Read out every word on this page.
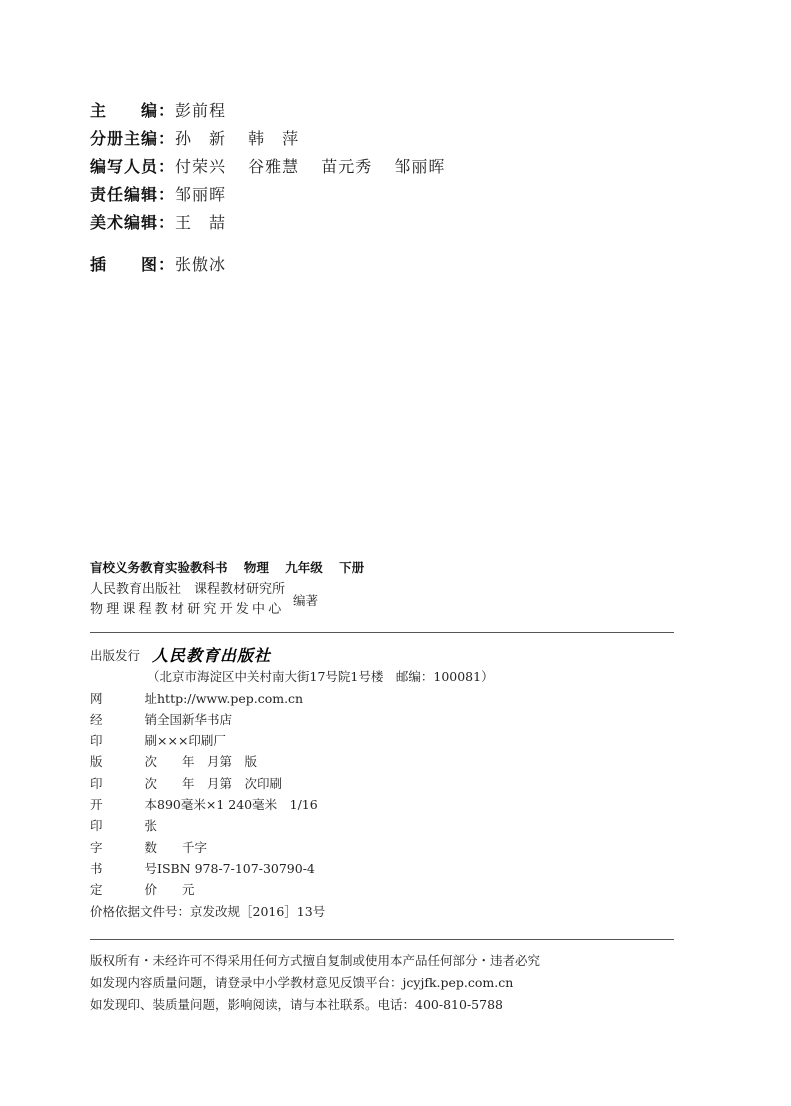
主 编 ： 彭前程
分册主编 ： 孙　新 韩　萍
编写人员 ： 付荣兴 谷雅慧 苗元秀 邹丽晖
责任编辑 ： 邹丽晖
美术编辑 ： 王　喆
插 图 ： 张傲冰
盲校义务教育实验教科书 物理 九年级 下册
人民教育出版社　课程教材研究所
物理课程教材研究开发中心
编著
出版发行 人民教育出版社
（北京市海淀区中关村南大街17号院1号楼　邮编：100081）
网	址 http://www.pep.com.cn
经	销 全国新华书店
印	刷 ×××印刷厂
版	次 　　年　月第　版
印	次 　　年　月第　次印刷
开	本 890毫米×1 240毫米　1/16
印	张
字	数 　　千字
书	号 ISBN 978-7-107-30790-4
定	价 　　元
价格依据文件号：京发改规［2016］13号
版权所有・未经许可不得采用任何方式擅自复制或使用本产品任何部分・违者必究
如发现内容质量问题，请登录中小学教材意见反馈平台：jcyjfk.pep.com.cn
如发现印、装质量问题，影响阅读，请与本社联系。电话：400-810-5788
